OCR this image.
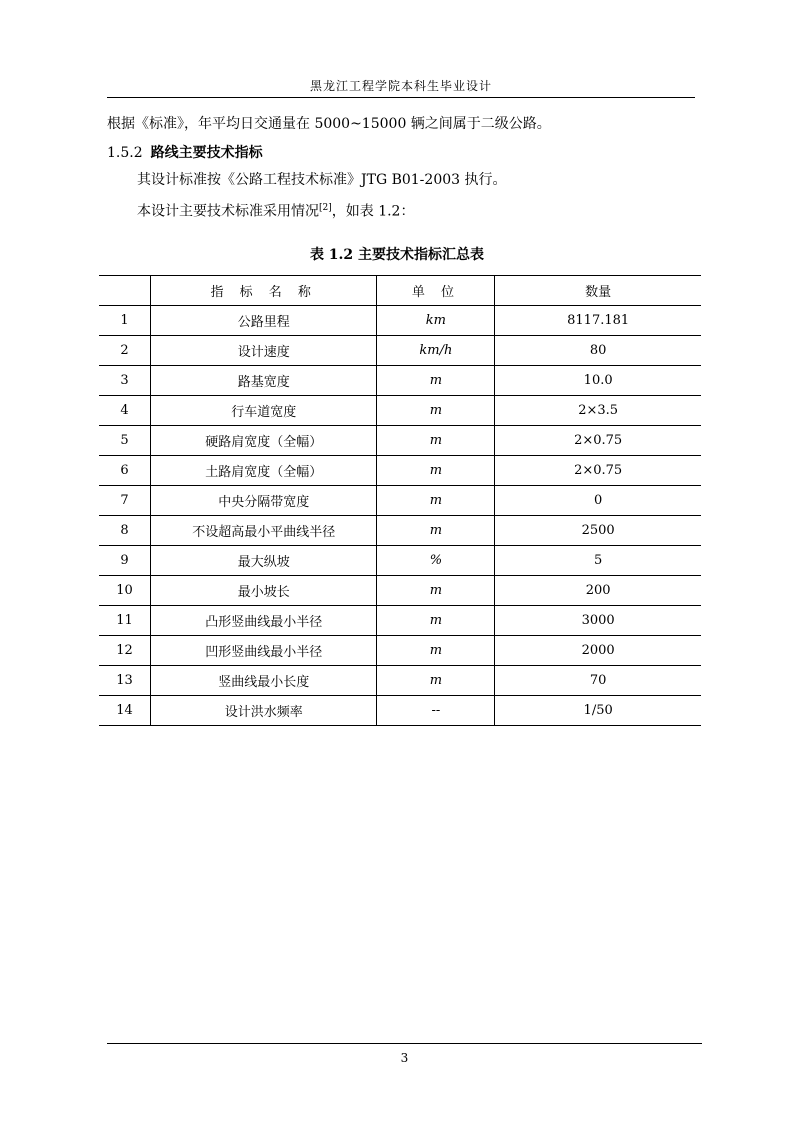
黑龙江工程学院本科生毕业设计
根据《标准》，年平均日交通量在 5000~15000 辆之间属于二级公路。
1.5.2 路线主要技术指标
其设计标准按《公路工程技术标准》JTG B01-2003 执行。
本设计主要技术标准采用情况[2]，如表 1.2：
表 1.2 主要技术指标汇总表
	指 标 名 称	单 位	数量
1	公路里程	km	8117.181
2	设计速度	km/h	80
3	路基宽度	m	10.0
4	行车道宽度	m	2×3.5
5	硬路肩宽度（全幅）	m	2×0.75
6	土路肩宽度（全幅）	m	2×0.75
7	中央分隔带宽度	m	0
8	不设超高最小平曲线半径	m	2500
9	最大纵坡	%	5
10	最小坡长	m	200
11	凸形竖曲线最小半径	m	3000
12	凹形竖曲线最小半径	m	2000
13	竖曲线最小长度	m	70
14	设计洪水频率	--	1/50
3
